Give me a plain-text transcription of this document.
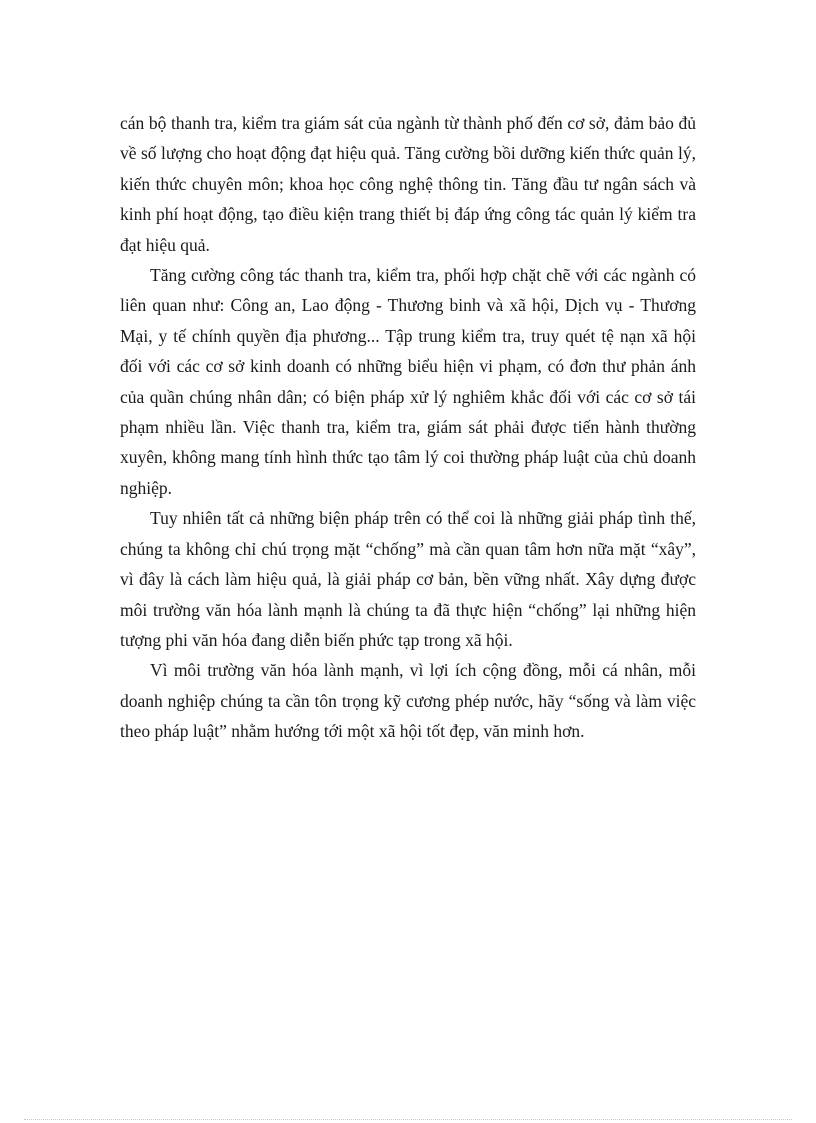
cán bộ thanh tra, kiểm tra giám sát của ngành từ thành phố đến cơ sở, đảm bảo đủ về số lượng cho hoạt động đạt hiệu quả. Tăng cường bồi dưỡng kiến thức quản lý, kiến thức chuyên môn; khoa học công nghệ thông tin. Tăng đầu tư ngân sách và kinh phí hoạt động, tạo điều kiện trang thiết bị đáp ứng công tác quản lý kiểm tra đạt hiệu quả.

Tăng cường công tác thanh tra, kiểm tra, phối hợp chặt chẽ với các ngành có liên quan như: Công an, Lao động - Thương binh và xã hội, Dịch vụ - Thương Mại, y tế chính quyền địa phương... Tập trung kiểm tra, truy quét tệ nạn xã hội đối với các cơ sở kinh doanh có những biểu hiện vi phạm, có đơn thư phản ánh của quần chúng nhân dân; có biện pháp xử lý nghiêm khắc đối với các cơ sở tái phạm nhiều lần. Việc thanh tra, kiểm tra, giám sát phải được tiến hành thường xuyên, không mang tính hình thức tạo tâm lý coi thường pháp luật của chủ doanh nghiệp.

Tuy nhiên tất cả những biện pháp trên có thể coi là những giải pháp tình thế, chúng ta không chỉ chú trọng mặt “chống” mà cần quan tâm hơn nữa mặt “xây”, vì đây là cách làm hiệu quả, là giải pháp cơ bản, bền vững nhất. Xây dựng được môi trường văn hóa lành mạnh là chúng ta đã thực hiện “chống” lại những hiện tượng phi văn hóa đang diễn biến phức tạp trong xã hội.

Vì môi trường văn hóa lành mạnh, vì lợi ích cộng đồng, mỗi cá nhân, mỗi doanh nghiệp chúng ta cần tôn trọng kỹ cương phép nước, hãy “sống và làm việc theo pháp luật” nhằm hướng tới một xã hội tốt đẹp, văn minh hơn.
